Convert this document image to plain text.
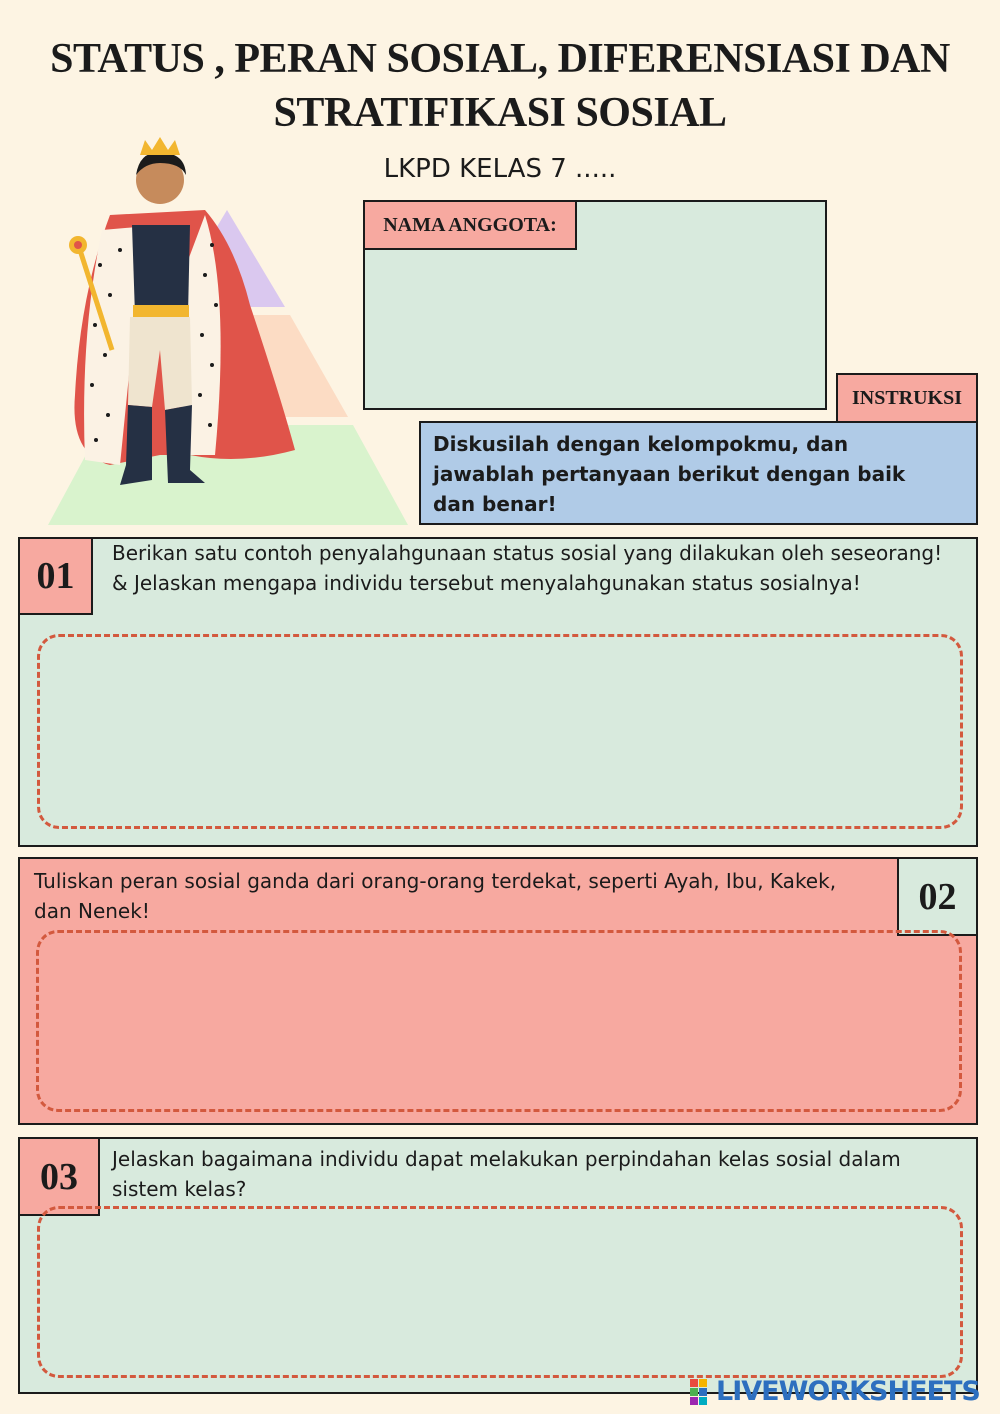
STATUS , PERAN SOSIAL, DIFERENSIASI DAN
STRATIFIKASI SOSIAL
LKPD KELAS 7 .....
NAMA ANGGOTA:
INSTRUKSI
Diskusilah dengan kelompokmu, dan jawablah pertanyaan berikut dengan baik dan benar!
01
Berikan satu contoh penyalahgunaan status sosial yang dilakukan oleh seseorang! & Jelaskan mengapa individu tersebut menyalahgunakan status sosialnya!
02
Tuliskan peran sosial ganda dari orang-orang terdekat, seperti Ayah, Ibu, Kakek, dan Nenek!
03	Jelaskan bagaimana individu dapat melakukan perpindahan kelas sosial dalam sistem kelas?
LIVEWORKSHEETS
